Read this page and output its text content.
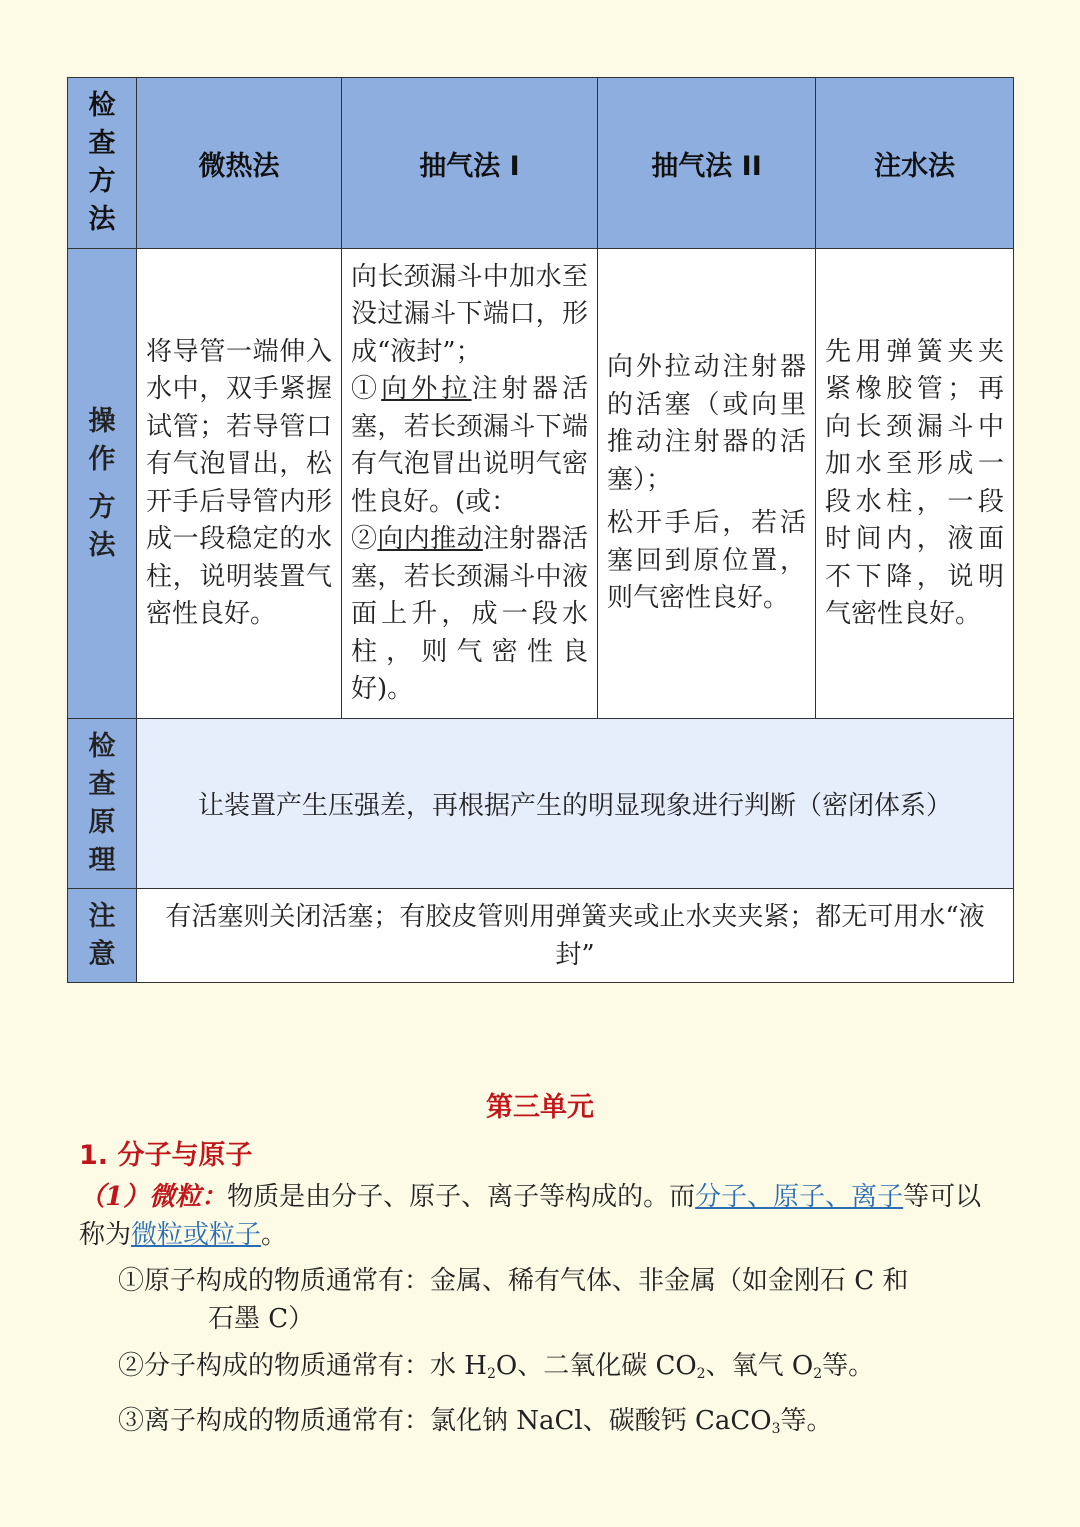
检
查
方
法	微热法	抽气法 I	抽气法 II	注水法

操
作
方
法	将导管一端伸入水中，双手紧握试管；若导管口有气泡冒出，松开手后导管内形成一段稳定的水柱，说明装置气密性良好。	向长颈漏斗中加水至没过漏斗下端口，形成“液封”；
①向外拉注射器活塞，若长颈漏斗下端有气泡冒出说明气密性良好。(或：
②向内推动注射器活塞，若长颈漏斗中液面上升，成一段水柱，则气密性良好)。	向外拉动注射器的活塞（或向里推动注射器的活塞）；
松开手后，若活塞回到原位置，则气密性良好。	先用弹簧夹夹紧橡胶管；再向长颈漏斗中加水至形成一段水柱，一段时间内，液面不下降，说明气密性良好。

检
查
原
理	让装置产生压强差，再根据产生的明显现象进行判断（密闭体系）			

注
意	有活塞则关闭活塞；有胶皮管则用弹簧夹或止水夹夹紧；都无可用水“液封”			
第三单元
1. 分子与原子
（1）微粒：物质是由分子、原子、离子等构成的。而分子、原子、离子等可以称为微粒或粒子。
①原子构成的物质通常有：金属、稀有气体、非金属（如金刚石 C 和
石墨 C）
②分子构成的物质通常有：水 $H_2O$、二氧化碳 $CO_2$、氧气 $O_2$等。
③离子构成的物质通常有：氯化钠 NaCl、碳酸钙 CaCO$_3$等。
